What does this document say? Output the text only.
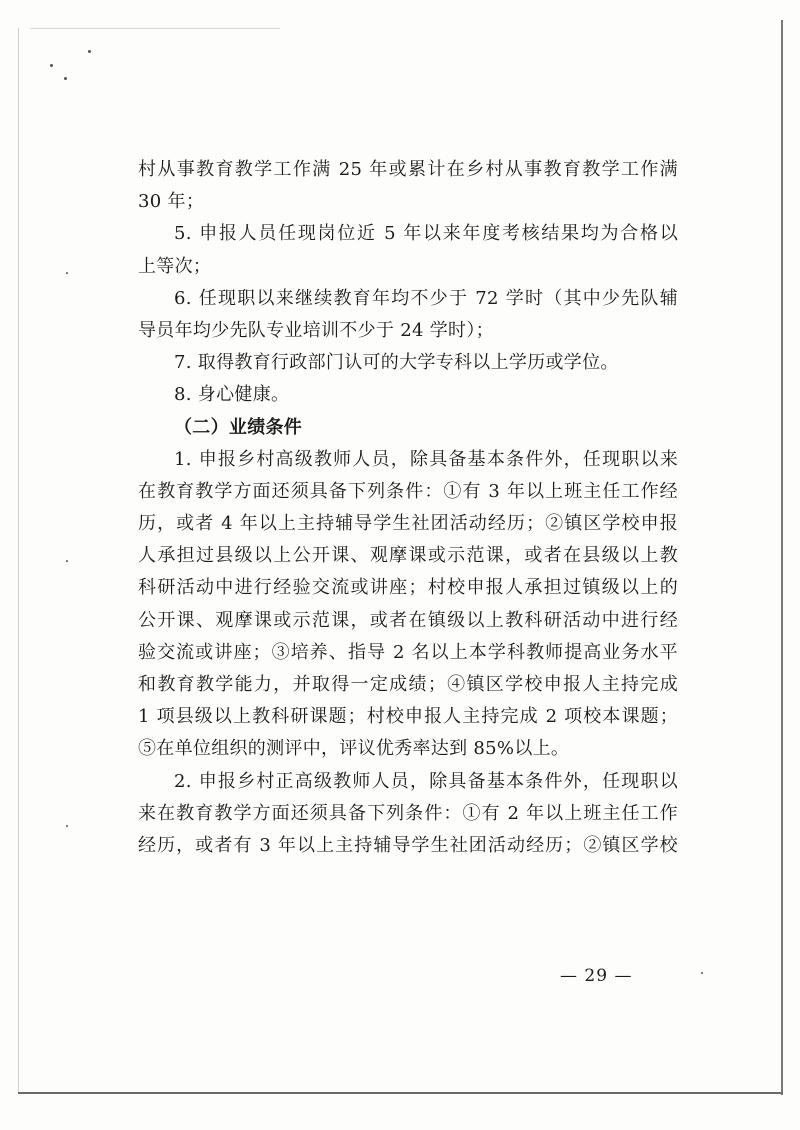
村从事教育教学工作满 25 年或累计在乡村从事教育教学工作满
30 年；
5. 申报人员任现岗位近 5 年以来年度考核结果均为合格以
上等次；
6. 任现职以来继续教育年均不少于 72 学时（其中少先队辅
导员年均少先队专业培训不少于 24 学时）；
7. 取得教育行政部门认可的大学专科以上学历或学位。
8. 身心健康。
（二）业绩条件
1. 申报乡村高级教师人员，除具备基本条件外，任现职以来
在教育教学方面还须具备下列条件：①有 3 年以上班主任工作经
历，或者 4 年以上主持辅导学生社团活动经历；②镇区学校申报
人承担过县级以上公开课、观摩课或示范课，或者在县级以上教
科研活动中进行经验交流或讲座；村校申报人承担过镇级以上的
公开课、观摩课或示范课，或者在镇级以上教科研活动中进行经
验交流或讲座；③培养、指导 2 名以上本学科教师提高业务水平
和教育教学能力，并取得一定成绩；④镇区学校申报人主持完成
1 项县级以上教科研课题；村校申报人主持完成 2 项校本课题；
⑤在单位组织的测评中，评议优秀率达到 85%以上。
2. 申报乡村正高级教师人员，除具备基本条件外，任现职以
来在教育教学方面还须具备下列条件：①有 2 年以上班主任工作
经历，或者有 3 年以上主持辅导学生社团活动经历；②镇区学校
— 29 —
